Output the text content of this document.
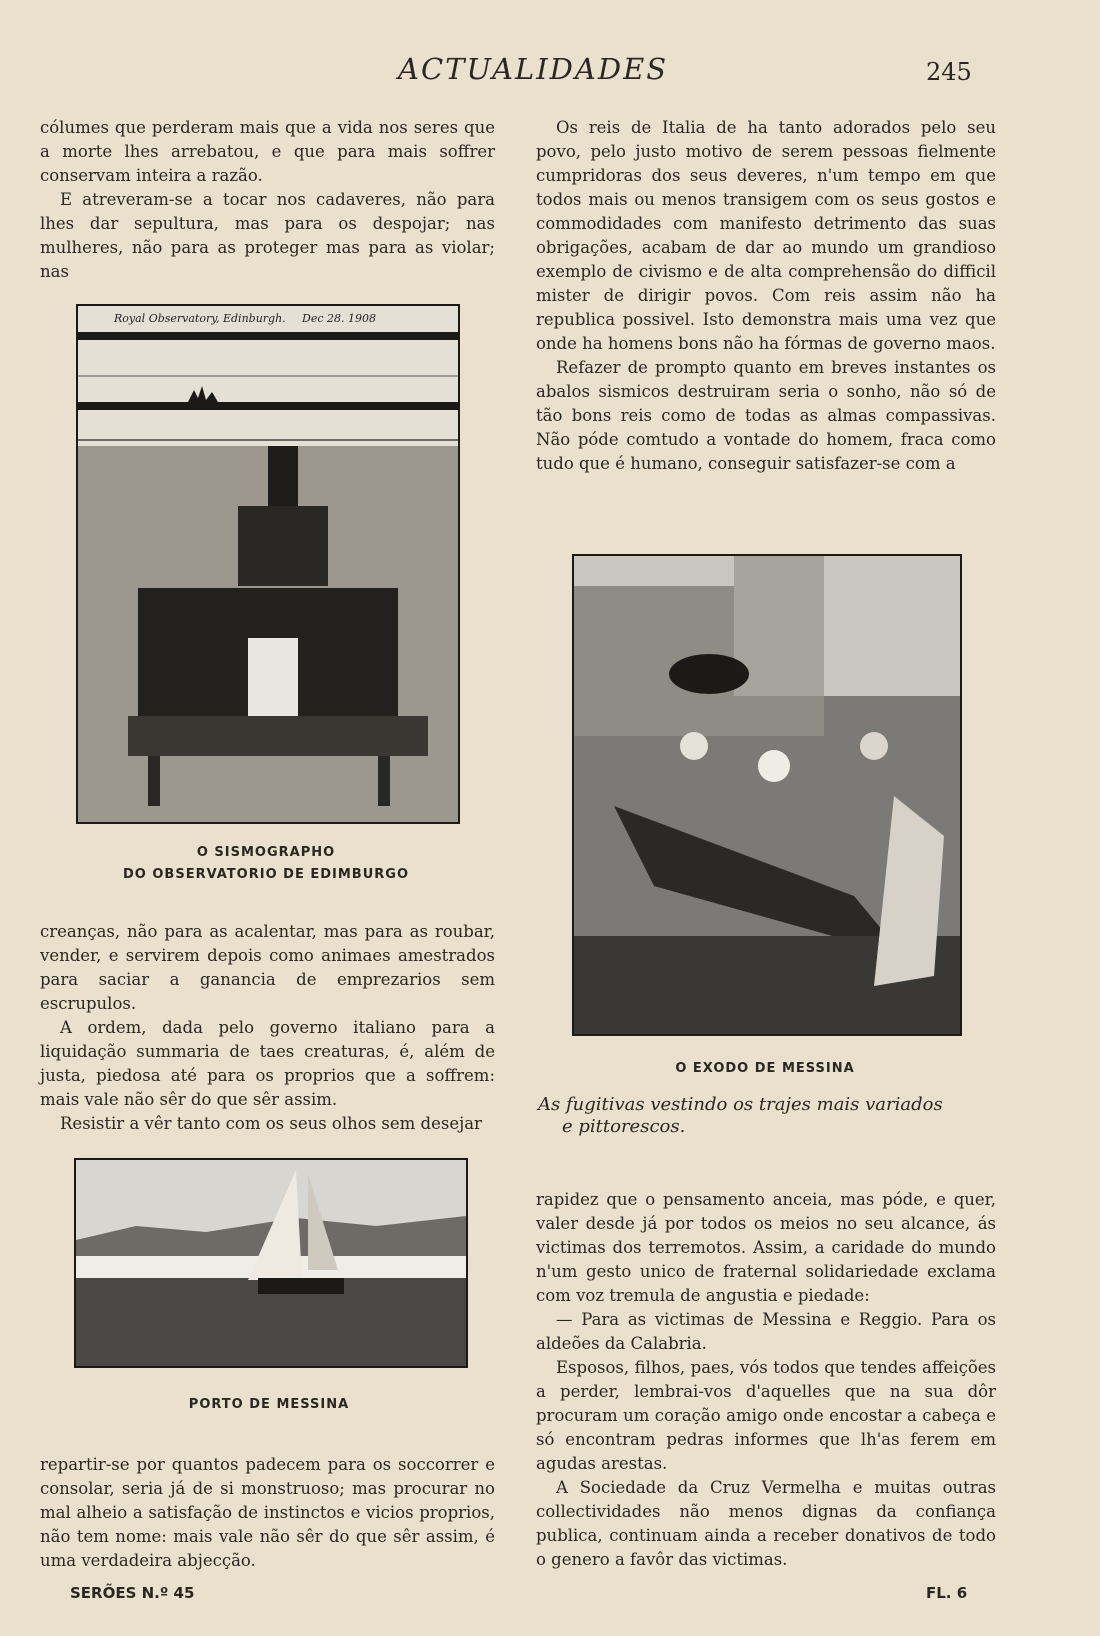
ACTUALIDADES	245

cólumes que perderam mais que a vida nos seres que a morte lhes arrebatou, e que para mais soffrer conservam inteira a razão.

E atreveram-se a tocar nos cadaveres, não para lhes dar sepultura, mas para os despojar; nas mulheres, não para as proteger mas para as violar; nas

Royal Observatory, Edinburgh. Dec 28. 1908
O SISMOGRAPHO
DO OBSERVATORIO DE EDIMBURGO

creanças, não para as acalentar, mas para as roubar, vender, e servirem depois como animaes amestrados para saciar a ganancia de emprezarios sem escrupulos.

A ordem, dada pelo governo italiano para a liquidação summaria de taes creaturas, é, além de justa, piedosa até para os proprios que a soffrem: mais vale não sêr do que sêr assim.

Resistir a vêr tanto com os seus olhos sem desejar

PORTO DE MESSINA

repartir-se por quantos padecem para os soccorrer e consolar, seria já de si monstruoso; mas procurar no mal alheio a satisfação de instinctos e vicios proprios, não tem nome: mais vale não sêr do que sêr assim, é uma verdadeira abjecção.

Os reis de Italia de ha tanto adorados pelo seu povo, pelo justo motivo de serem pessoas fielmente cumpridoras dos seus deveres, n'um tempo em que todos mais ou menos transigem com os seus gostos e commodidades com manifesto detrimento das suas obrigações, acabam de dar ao mundo um grandioso exemplo de civismo e de alta comprehensão do difficil mister de dirigir povos. Com reis assim não ha republica possivel. Isto demonstra mais uma vez que onde ha homens bons não ha fórmas de governo maos.

Refazer de prompto quanto em breves instantes os abalos sismicos destruiram seria o sonho, não só de tão bons reis como de todas as almas compassivas. Não póde comtudo a vontade do homem, fraca como tudo que é humano, conseguir satisfazer-se com a

O EXODO DE MESSINA
As fugitivas vestindo os trajes mais variados
e pittorescos.

rapidez que o pensamento anceia, mas póde, e quer, valer desde já por todos os meios no seu alcance, ás victimas dos terremotos. Assim, a caridade do mundo n'um gesto unico de fraternal solidariedade exclama com voz tremula de angustia e piedade:

— Para as victimas de Messina e Reggio. Para os aldeões da Calabria.

Esposos, filhos, paes, vós todos que tendes affeições a perder, lembrai-vos d'aquelles que na sua dôr procuram um coração amigo onde encostar a cabeça e só encontram pedras informes que lh'as ferem em agudas arestas.

A Sociedade da Cruz Vermelha e muitas outras collectividades não menos dignas da confiança publica, continuam ainda a receber donativos de todo o genero a favôr das victimas.

SERÕES N.º 45	FL. 6
